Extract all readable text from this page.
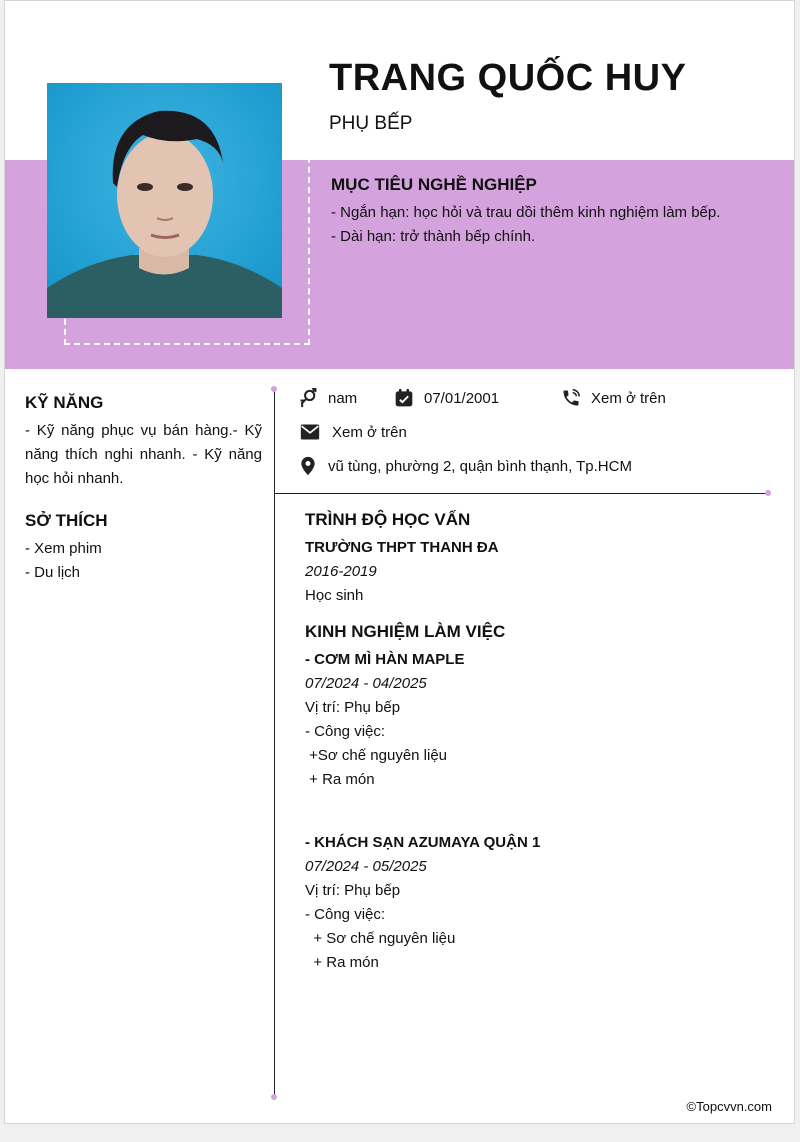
TRANG QUỐC HUY
PHỤ BẾP

MỤC TIÊU NGHỀ NGHIỆP

- Ngắn hạn: học hỏi và trau dồi thêm kinh nghiệm làm bếp.

- Dài hạn: trở thành bếp chính.

KỸ NĂNG

- Kỹ năng phục vụ bán hàng.- Kỹ năng thích nghi nhanh. - Kỹ năng học hỏi nhanh.

SỞ THÍCH

- Xem phim

- Du lịch

nam	07/01/2001	Xem ở trên
Xem ở trên
vũ tùng, phường 2, quận bình thạnh, Tp.HCM

TRÌNH ĐỘ HỌC VẤN

TRƯỜNG THPT THANH ĐA

2016-2019

Học sinh

KINH NGHIỆM LÀM VIỆC

- CƠM MÌ HÀN MAPLE

07/2024 - 04/2025

Vị trí: Phụ bếp

- Công việc:

+Sơ chế nguyên liệu

+ Ra món

- KHÁCH SẠN AZUMAYA QUẬN 1

07/2024 - 05/2025

Vị trí: Phụ bếp

- Công việc:

+ Sơ chế nguyên liệu

+ Ra món

©Topcvvn.com
